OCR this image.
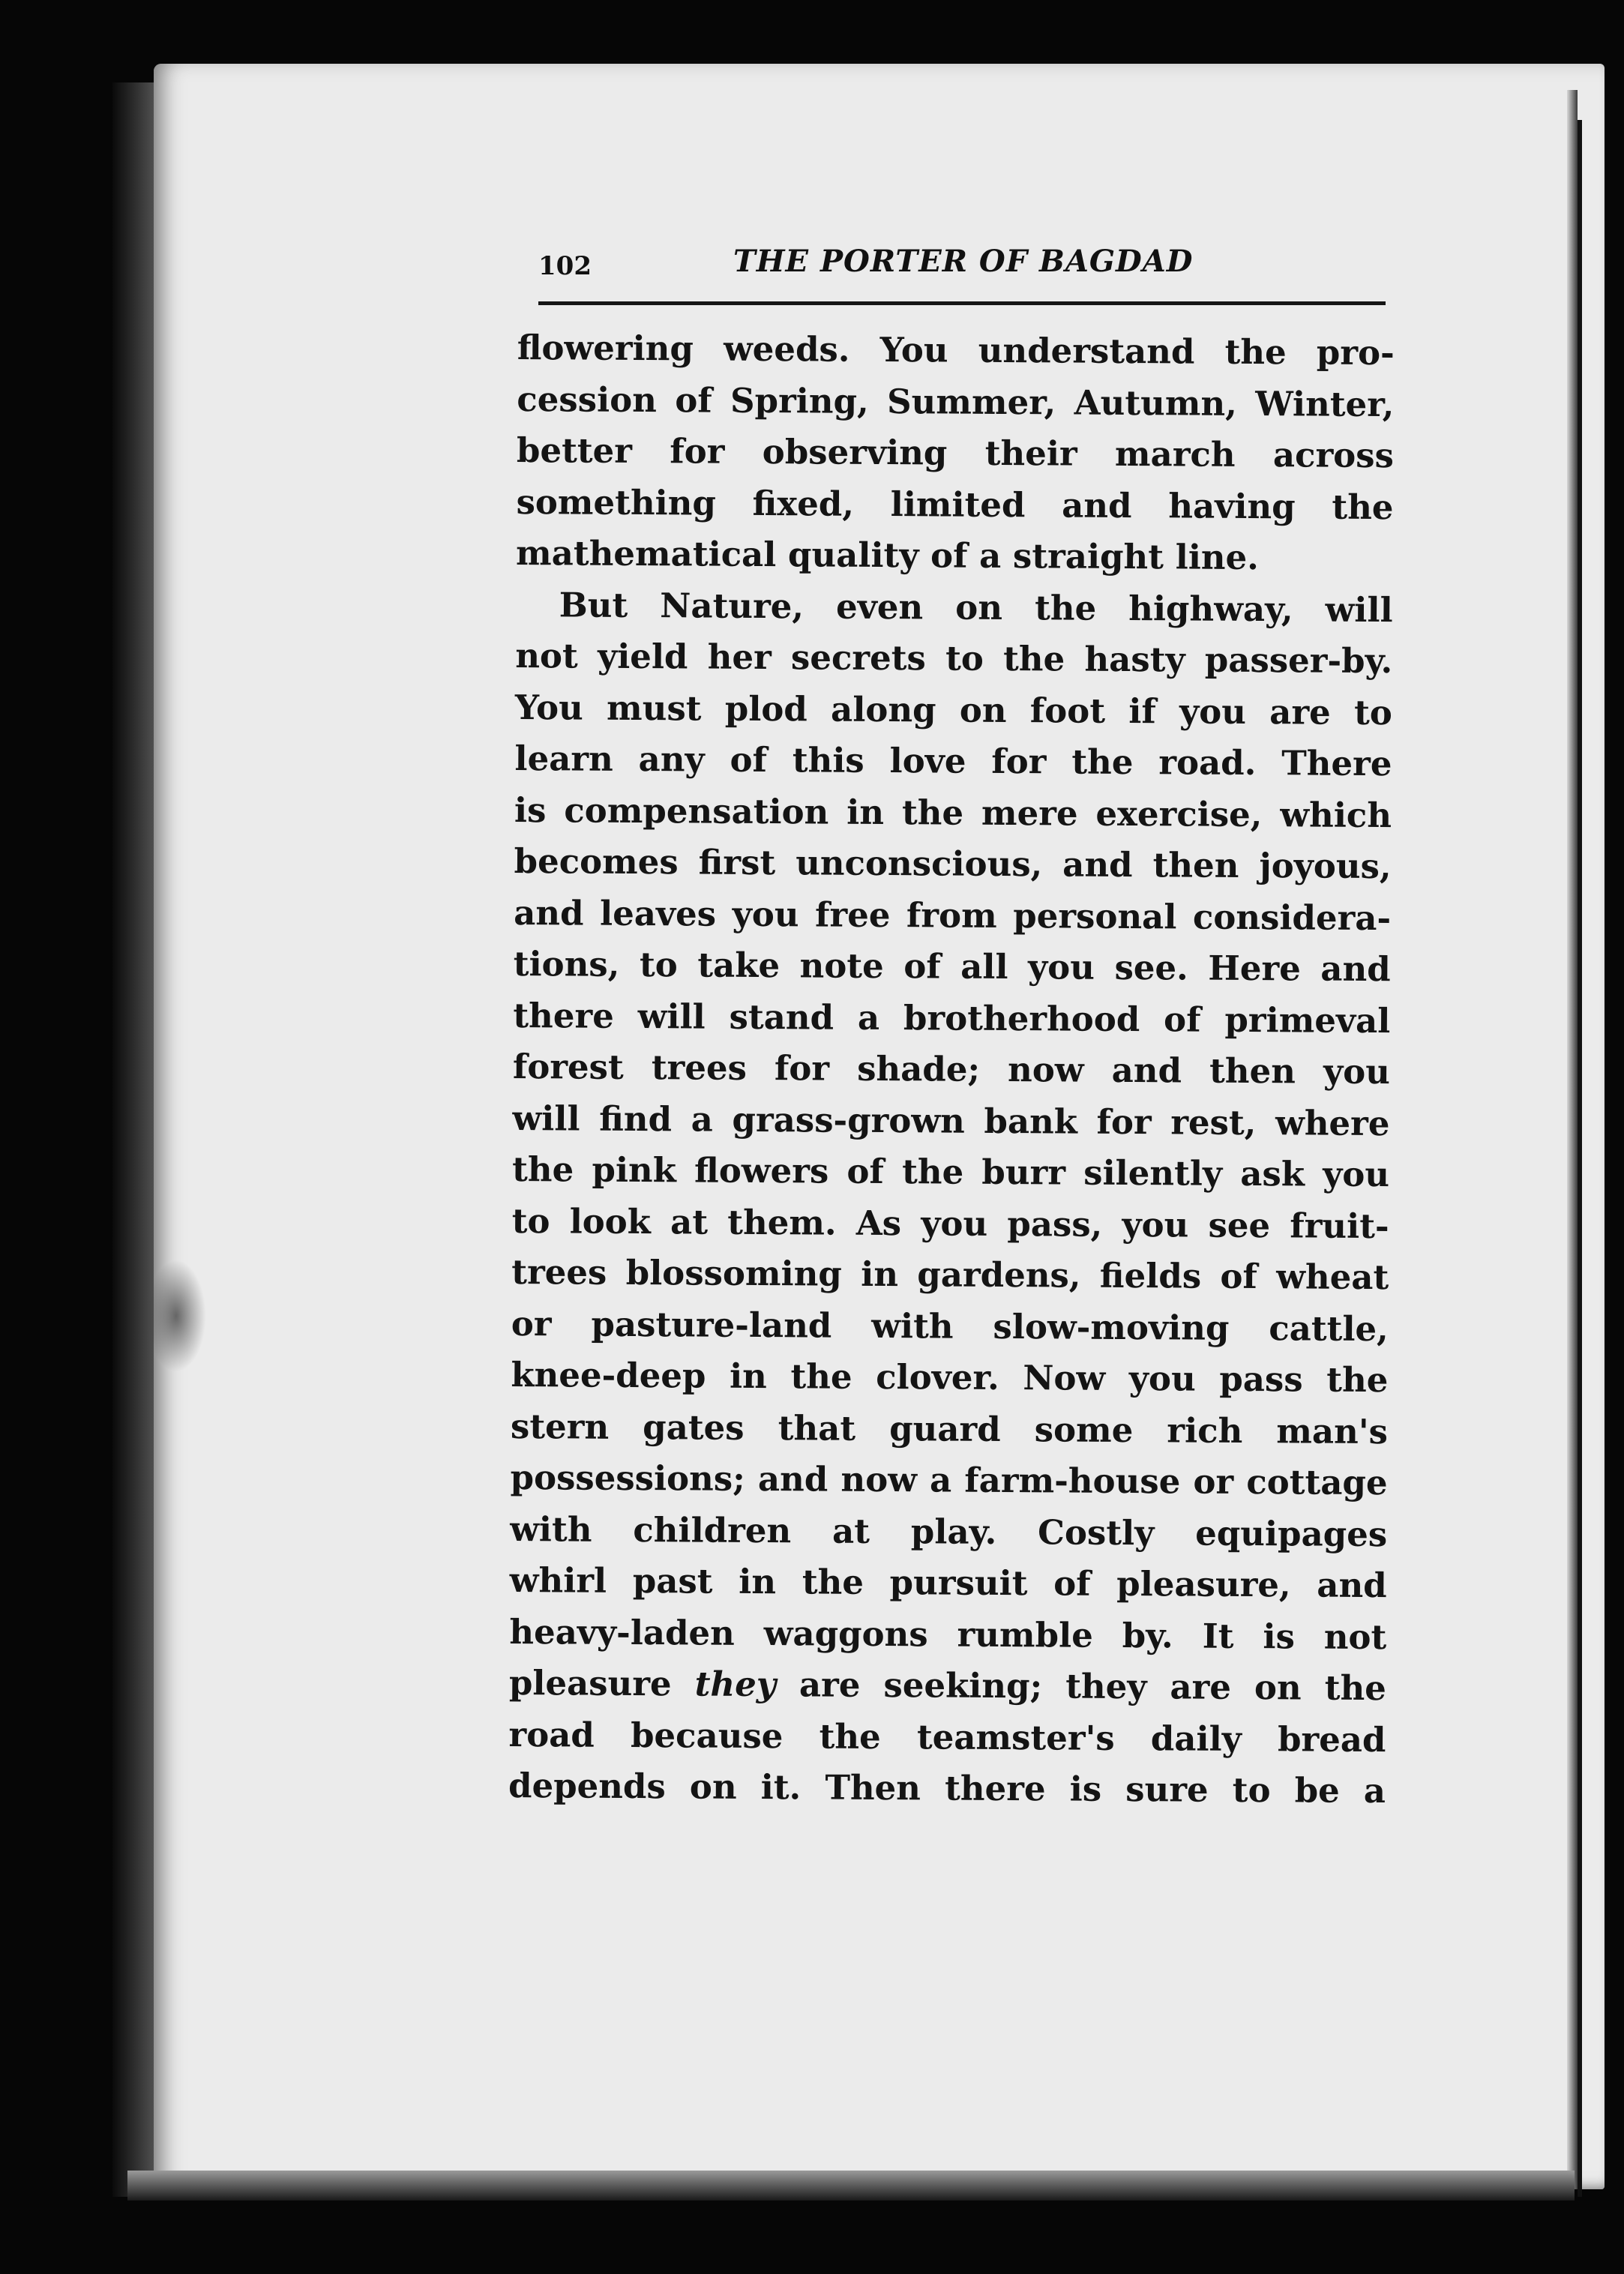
102	THE PORTER OF BAGDAD
flowering weeds. You understand the pro-
cession of Spring, Summer, Autumn, Winter,
better for observing their march across
something fixed, limited and having the
mathematical quality of a straight line.
But Nature, even on the highway, will
not yield her secrets to the hasty passer-by.
You must plod along on foot if you are to
learn any of this love for the road. There
is compensation in the mere exercise, which
becomes first unconscious, and then joyous,
and leaves you free from personal considera-
tions, to take note of all you see. Here and
there will stand a brotherhood of primeval
forest trees for shade; now and then you
will find a grass-grown bank for rest, where
the pink flowers of the burr silently ask you
to look at them. As you pass, you see fruit-
trees blossoming in gardens, fields of wheat
or pasture-land with slow-moving cattle,
knee-deep in the clover. Now you pass the
stern gates that guard some rich man's
possessions; and now a farm-house or cottage
with children at play. Costly equipages
whirl past in the pursuit of pleasure, and
heavy-laden waggons rumble by. It is not
pleasure they are seeking; they are on the
road because the teamster's daily bread
depends on it. Then there is sure to be a
